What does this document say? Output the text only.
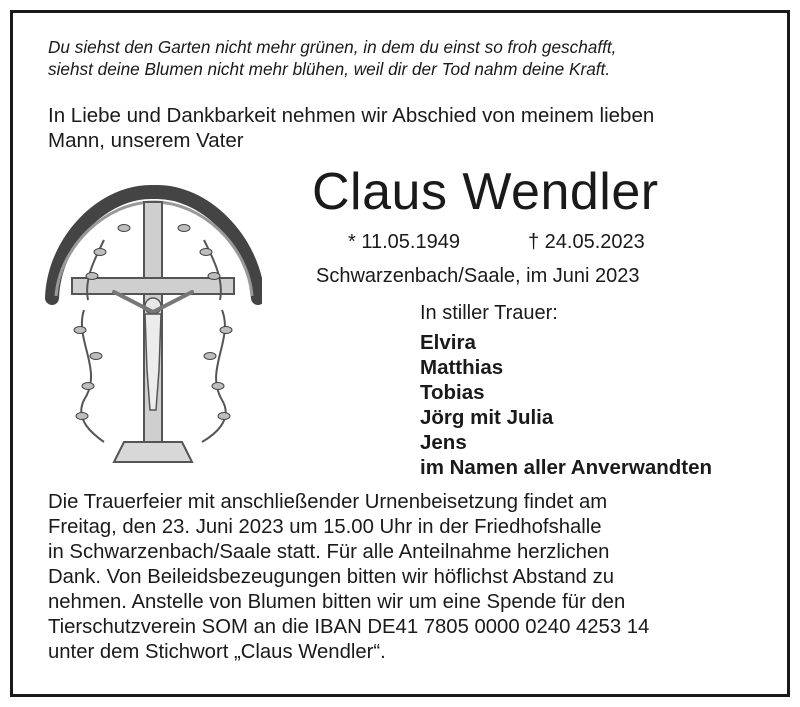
Du siehst den Garten nicht mehr grünen, in dem du einst so froh geschafft,
siehst deine Blumen nicht mehr blühen, weil dir der Tod nahm deine Kraft.
In Liebe und Dankbarkeit nehmen wir Abschied von meinem lieben
Mann, unserem Vater
Claus Wendler
* 11.05.1949	† 24.05.2023
Schwarzenbach/Saale, im Juni 2023
In stiller Trauer:
Elvira
Matthias
Tobias
Jörg mit Julia
Jens
im Namen aller Anverwandten
Die Trauerfeier mit anschließender Urnenbeisetzung findet am
Freitag, den 23. Juni 2023 um 15.00 Uhr in der Friedhofshalle
in Schwarzenbach/Saale statt. Für alle Anteilnahme herzlichen
Dank. Von Beileidsbezeugungen bitten wir höflichst Abstand zu
nehmen. Anstelle von Blumen bitten wir um eine Spende für den
Tierschutzverein SOM an die IBAN DE41 7805 0000 0240 4253 14
unter dem Stichwort „Claus Wendler“.
